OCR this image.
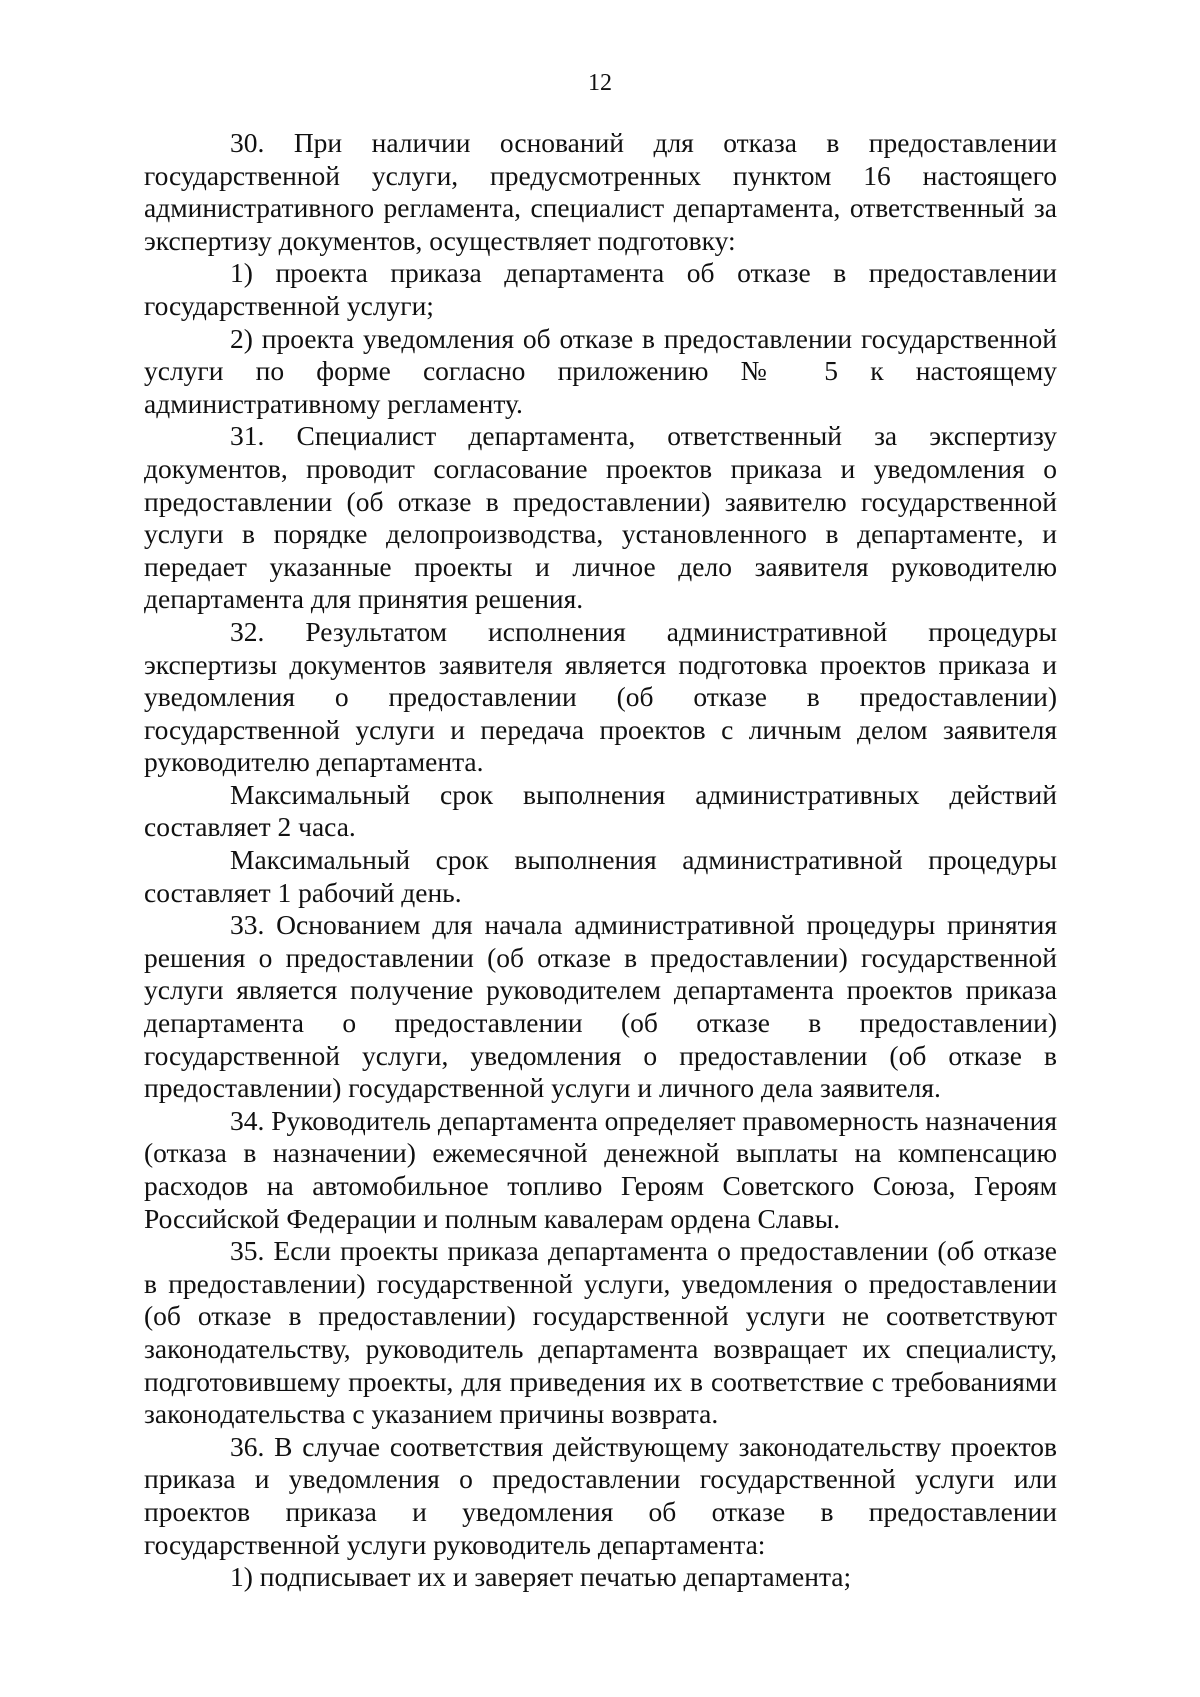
12

30. При наличии оснований для отказа в предоставлении государственной услуги, предусмотренных пунктом 16 настоящего административного регламента, специалист департамента, ответственный за экспертизу документов, осуществляет подготовку:

1) проекта приказа департамента об отказе в предоставлении государственной услуги;

2) проекта уведомления об отказе в предоставлении государственной услуги по форме согласно приложению № 5 к настоящему административному регламенту.

31. Специалист департамента, ответственный за экспертизу документов, проводит согласование проектов приказа и уведомления о предоставлении (об отказе в предоставлении) заявителю государственной услуги в порядке делопроизводства, установленного в департаменте, и передает указанные проекты и личное дело заявителя руководителю департамента для принятия решения.

32. Результатом исполнения административной процедуры экспертизы документов заявителя является подготовка проектов приказа и уведомления о предоставлении (об отказе в предоставлении) государственной услуги и передача проектов с личным делом заявителя руководителю департамента.

Максимальный срок выполнения административных действий составляет 2 часа.

Максимальный срок выполнения административной процедуры составляет 1 рабочий день.

33. Основанием для начала административной процедуры принятия решения о предоставлении (об отказе в предоставлении) государственной услуги является получение руководителем департамента проектов приказа департамента о предоставлении (об отказе в предоставлении) государственной услуги, уведомления о предоставлении (об отказе в предоставлении) государственной услуги и личного дела заявителя.

34. Руководитель департамента определяет правомерность назначения (отказа в назначении) ежемесячной денежной выплаты на компенсацию расходов на автомобильное топливо Героям Советского Союза, Героям Российской Федерации и полным кавалерам ордена Славы.

35. Если проекты приказа департамента о предоставлении (об отказе в предоставлении) государственной услуги, уведомления о предоставлении (об отказе в предоставлении) государственной услуги не соответствуют законодательству, руководитель департамента возвращает их специалисту, подготовившему проекты, для приведения их в соответствие с требованиями законодательства с указанием причины возврата.

36. В случае соответствия действующему законодательству проектов приказа и уведомления о предоставлении государственной услуги или проектов приказа и уведомления об отказе в предоставлении государственной услуги руководитель департамента:

1) подписывает их и заверяет печатью департамента;
